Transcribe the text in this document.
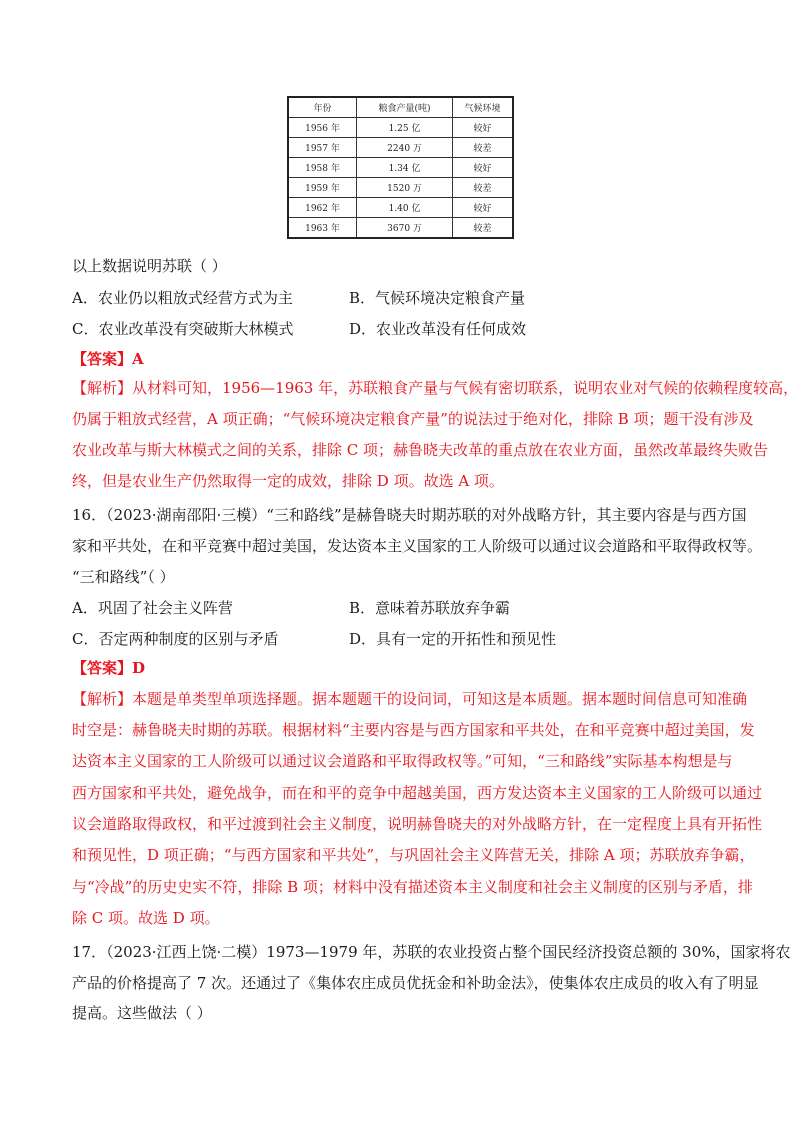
年份	粮食产量(吨)	气候环境
1956 年	1.25 亿	较好
1957 年	2240 万	较差
1958 年	1.34 亿	较好
1959 年	1520 万	较差
1962 年	1.40 亿	较好
1963 年	3670 万	较差
以上数据说明苏联（ ）
A．农业仍以粗放式经营方式为主	B．气候环境决定粮食产量
C．农业改革没有突破斯大林模式	D．农业改革没有任何成效
【答案】A
【解析】从材料可知，1956—1963 年，苏联粮食产量与气候有密切联系，说明农业对气候的依赖程度较高，
仍属于粗放式经营，A 项正确；“气候环境决定粮食产量”的说法过于绝对化，排除 B 项；题干没有涉及
农业改革与斯大林模式之间的关系，排除 C 项；赫鲁晓夫改革的重点放在农业方面，虽然改革最终失败告
终，但是农业生产仍然取得一定的成效，排除 D 项。故选 A 项。
16．（2023·湖南邵阳·三模）“三和路线”是赫鲁晓夫时期苏联的对外战略方针，其主要内容是与西方国
家和平共处，在和平竞赛中超过美国，发达资本主义国家的工人阶级可以通过议会道路和平取得政权等。
“三和路线”（ ）
A．巩固了社会主义阵营	B．意味着苏联放弃争霸
C．否定两种制度的区别与矛盾	D．具有一定的开拓性和预见性
【答案】D
【解析】本题是单类型单项选择题。据本题题干的设问词，可知这是本质题。据本题时间信息可知准确
时空是：赫鲁晓夫时期的苏联。根据材料“主要内容是与西方国家和平共处，在和平竞赛中超过美国，发
达资本主义国家的工人阶级可以通过议会道路和平取得政权等。”可知，“三和路线”实际基本构想是与
西方国家和平共处，避免战争，而在和平的竞争中超越美国，西方发达资本主义国家的工人阶级可以通过
议会道路取得政权，和平过渡到社会主义制度，说明赫鲁晓夫的对外战略方针，在一定程度上具有开拓性
和预见性，D 项正确；“与西方国家和平共处”，与巩固社会主义阵营无关，排除 A 项；苏联放弃争霸，
与“冷战”的历史史实不符，排除 B 项；材料中没有描述资本主义制度和社会主义制度的区别与矛盾，排
除 C 项。故选 D 项。
17．（2023·江西上饶·二模）1973—1979 年，苏联的农业投资占整个国民经济投资总额的 30%，国家将农
产品的价格提高了 7 次。还通过了《集体农庄成员优抚金和补助金法》，使集体农庄成员的收入有了明显
提高。这些做法（ ）
